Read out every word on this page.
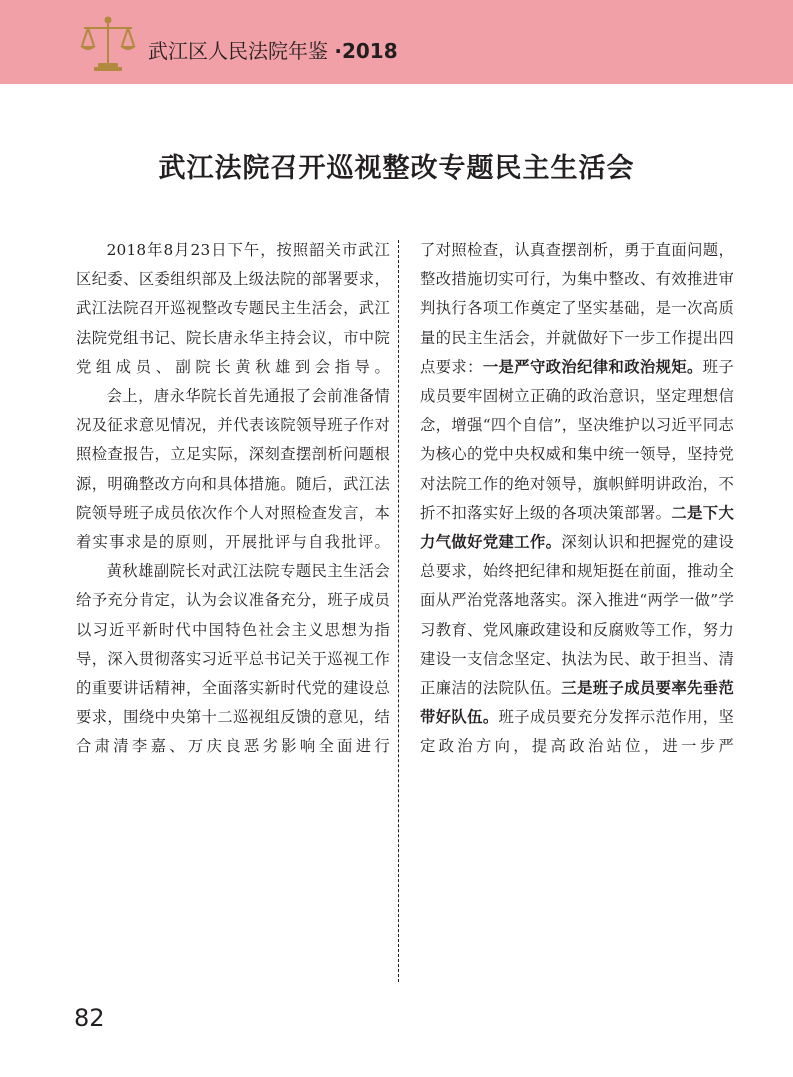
武江区人民法院年鉴 ·2018
武江法院召开巡视整改专题民主生活会

2018年8月23日下午，按照韶关市武江区纪委、区委组织部及上级法院的部署要求，武江法院召开巡视整改专题民主生活会，武江法院党组书记、院长唐永华主持会议，市中院党组成员、副院长黄秋雄到会指导。

会上，唐永华院长首先通报了会前准备情况及征求意见情况，并代表该院领导班子作对照检查报告，立足实际，深刻查摆剖析问题根源，明确整改方向和具体措施。随后，武江法院领导班子成员依次作个人对照检查发言，本着实事求是的原则，开展批评与自我批评。

黄秋雄副院长对武江法院专题民主生活会给予充分肯定，认为会议准备充分，班子成员以习近平新时代中国特色社会主义思想为指导，深入贯彻落实习近平总书记关于巡视工作的重要讲话精神，全面落实新时代党的建设总要求，围绕中央第十二巡视组反馈的意见，结合肃清李嘉、万庆良恶劣影响全面进行

了对照检查，认真查摆剖析，勇于直面问题，整改措施切实可行，为集中整改、有效推进审判执行各项工作奠定了坚实基础，是一次高质量的民主生活会，并就做好下一步工作提出四点要求：一是严守政治纪律和政治规矩。班子成员要牢固树立正确的政治意识，坚定理想信念，增强“四个自信”，坚决维护以习近平同志为核心的党中央权威和集中统一领导，坚持党对法院工作的绝对领导，旗帜鲜明讲政治，不折不扣落实好上级的各项决策部署。二是下大力气做好党建工作。深刻认识和把握党的建设总要求，始终把纪律和规矩挺在前面，推动全面从严治党落地落实。深入推进“两学一做”学习教育、党风廉政建设和反腐败等工作，努力建设一支信念坚定、执法为民、敢于担当、清正廉洁的法院队伍。三是班子成员要率先垂范带好队伍。班子成员要充分发挥示范作用，坚定政治方向，提高政治站位，进一步严

82
